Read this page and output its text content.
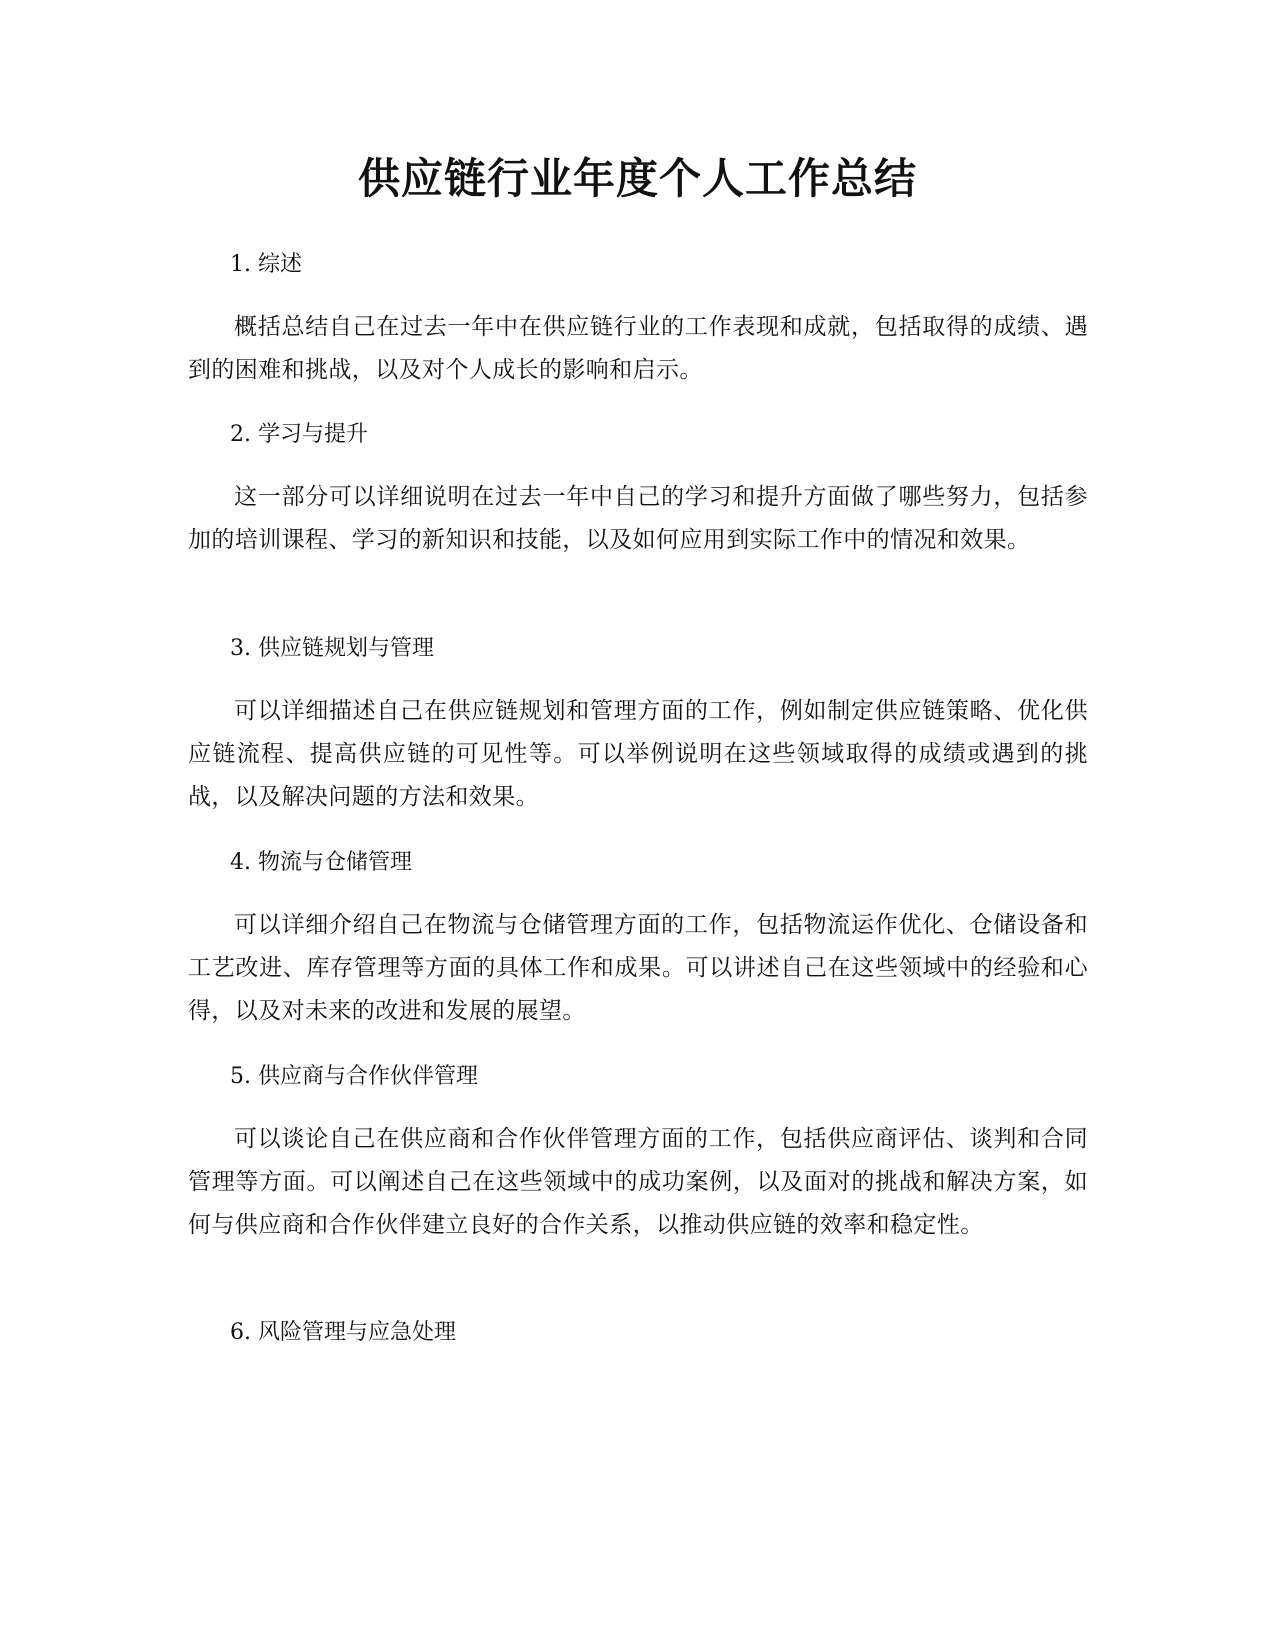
供应链行业年度个人工作总结

1. 综述

概括总结自己在过去一年中在供应链行业的工作表现和成就，包括取得的成绩、遇到的困难和挑战，以及对个人成长的影响和启示。

2. 学习与提升

这一部分可以详细说明在过去一年中自己的学习和提升方面做了哪些努力，包括参加的培训课程、学习的新知识和技能，以及如何应用到实际工作中的情况和效果。

3. 供应链规划与管理

可以详细描述自己在供应链规划和管理方面的工作，例如制定供应链策略、优化供应链流程、提高供应链的可见性等。可以举例说明在这些领域取得的成绩或遇到的挑战，以及解决问题的方法和效果。

4. 物流与仓储管理

可以详细介绍自己在物流与仓储管理方面的工作，包括物流运作优化、仓储设备和工艺改进、库存管理等方面的具体工作和成果。可以讲述自己在这些领域中的经验和心得，以及对未来的改进和发展的展望。

5. 供应商与合作伙伴管理

可以谈论自己在供应商和合作伙伴管理方面的工作，包括供应商评估、谈判和合同管理等方面。可以阐述自己在这些领域中的成功案例，以及面对的挑战和解决方案，如何与供应商和合作伙伴建立良好的合作关系，以推动供应链的效率和稳定性。

6. 风险管理与应急处理
